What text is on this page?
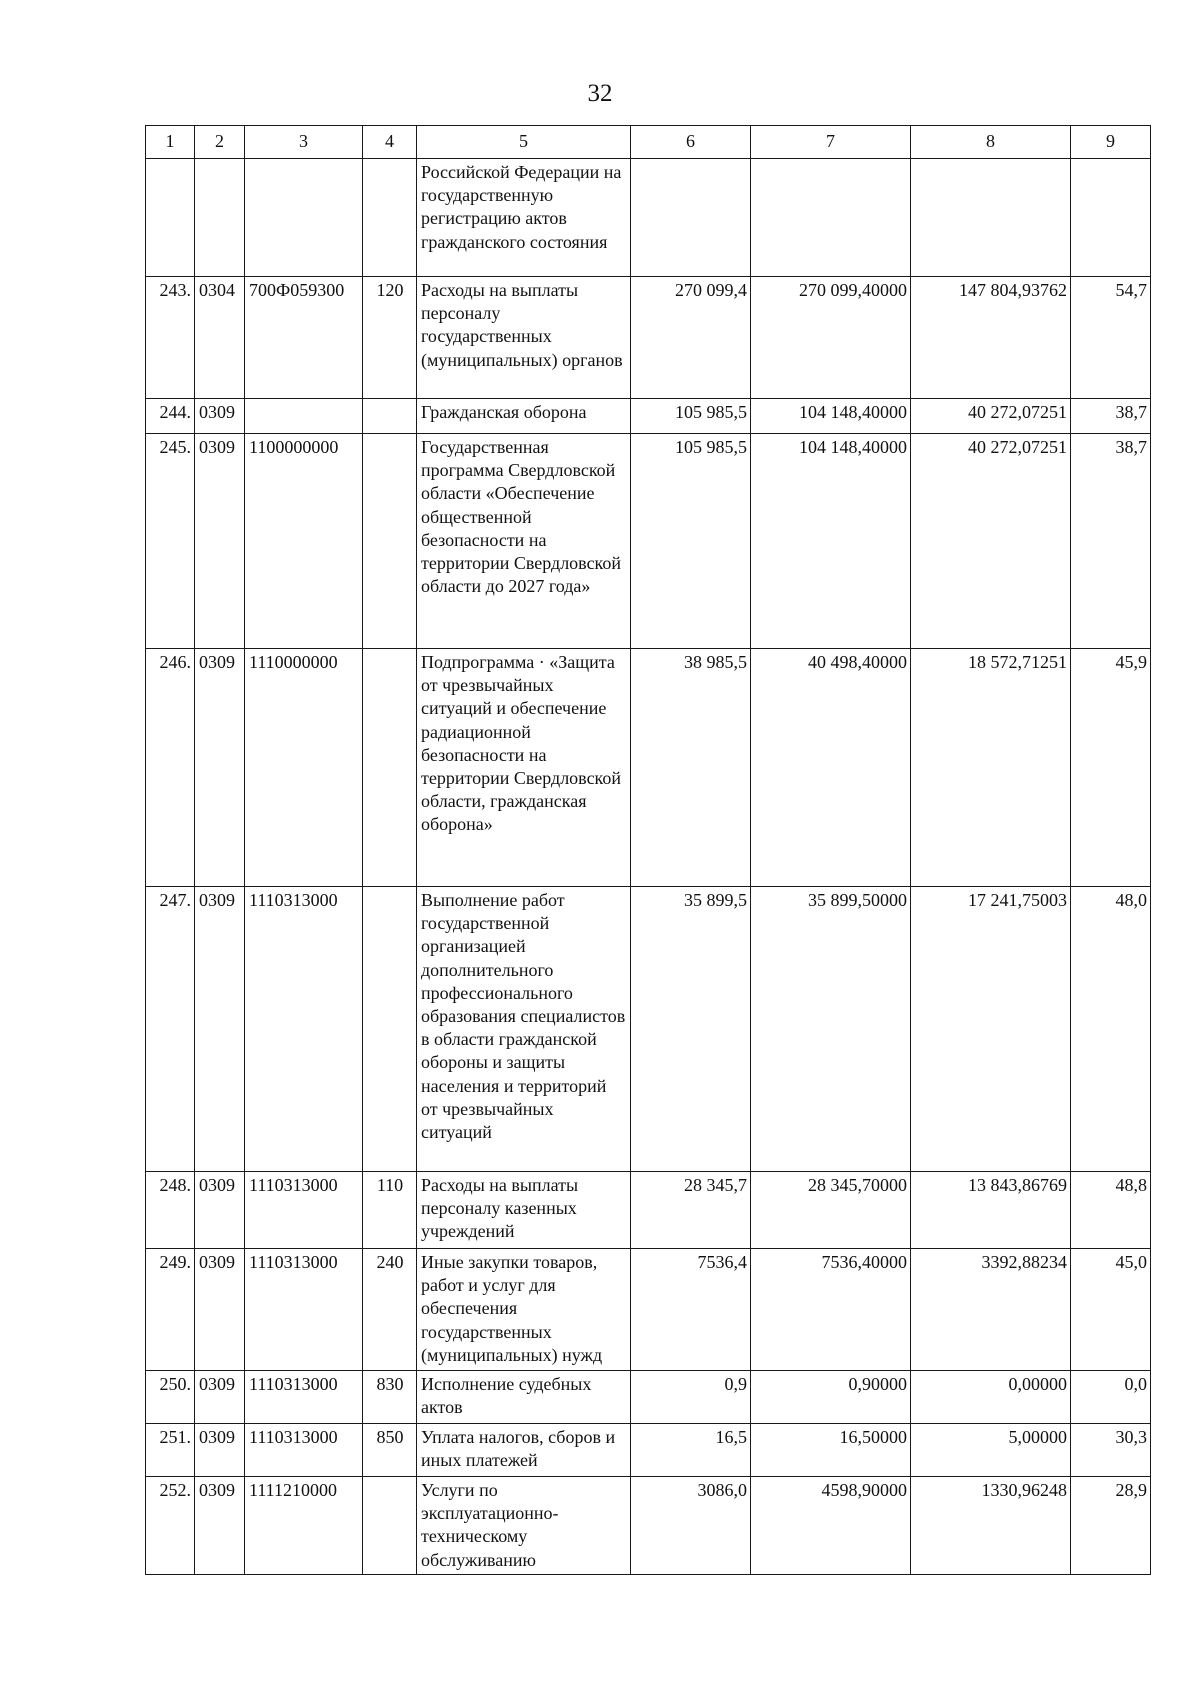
32
1	2	3	4	5	6	7	8	9
				Российской Федерации на государственную регистрацию актов гражданского состояния				
243.	0304	700Ф059300	120	Расходы на выплаты персоналу государственных (муниципальных) органов	270 099,4	270 099,40000	147 804,93762	54,7
244.	0309			Гражданская оборона	105 985,5	104 148,40000	40 272,07251	38,7
245.	0309	1100000000		Государственная программа Свердловской области «Обеспечение общественной безопасности на территории Свердловской области до 2027 года»	105 985,5	104 148,40000	40 272,07251	38,7
246.	0309	1110000000		Подпрограмма · «Защита от чрезвычайных ситуаций и обеспечение радиационной безопасности на территории Свердловской области, гражданская оборона»	38 985,5	40 498,40000	18 572,71251	45,9
247.	0309	1110313000		Выполнение работ государственной организацией дополнительного профессионального образования специалистов в области гражданской обороны и защиты населения и территорий от чрезвычайных ситуаций	35 899,5	35 899,50000	17 241,75003	48,0
248.	0309	1110313000	110	Расходы на выплаты персоналу казенных учреждений	28 345,7	28 345,70000	13 843,86769	48,8
249.	0309	1110313000	240	Иные закупки товаров, работ и услуг для обеспечения государственных (муниципальных) нужд	7536,4	7536,40000	3392,88234	45,0
250.	0309	1110313000	830	Исполнение судебных актов	0,9	0,90000	0,00000	0,0
251.	0309	1110313000	850	Уплата налогов, сборов и иных платежей	16,5	16,50000	5,00000	30,3
252.	0309	1111210000		Услуги по эксплуатационно-техническому обслуживанию	3086,0	4598,90000	1330,96248	28,9
